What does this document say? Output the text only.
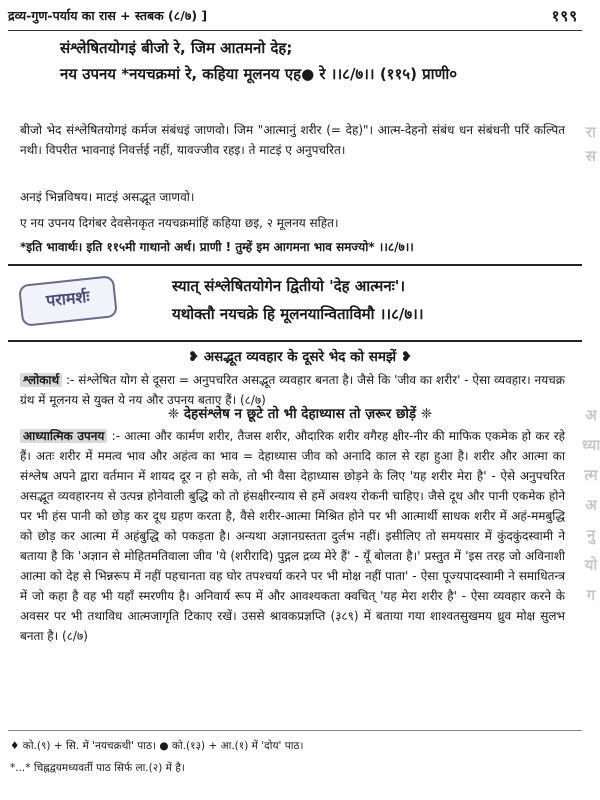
द्रव्य-गुण-पर्याय का रास + स्तबक (८/७) ]	१९९
संश्लेषितयोगइं बीजो रे, जिम आतमनो देह;
नय उपनय *नयचक्रमां रे, कहिया मूलनय एह● रे ।।८/७।। (११५) प्राणी०
बीजो भेद संश्लेषितयोगइं कर्मज संबंधइं जाणवो। जिम "आत्मानुं शरीर (= देह)"। आत्म-देहनो संबंध धन संबंधनी परिं कल्पित नथी। विपरीत भावनाइं निवर्त्तई नहीं, यावज्जीव रहइ। ते माटइं ए अनुपचरित।
अनइं भिन्नविषय। माटइं असद्भूत जाणवो।
ए नय उपनय दिगंबर देवसेनकृत नयचक्रमांहिं कहिया छइ, २ मूलनय सहित।
*इति भावार्थः। इति ११५मी गाथानो अर्थ। प्राणी ! तुम्हें इम आगमना भाव समज्यो* ।।८/७।।
परामर्शः
स्यात् संश्लेषितयोगेन द्वितीयो 'देह आत्मनः'।
यथोक्तौ नयचक्रे हि मूलनयान्विताविमौ ।।८/७।।
❥ असद्भूत व्यवहार के दूसरे भेद को समझें ❥
श्लोकार्थ :- संश्लेषित योग से दूसरा = अनुपचरित असद्भूत व्यवहार बनता है। जैसे कि 'जीव का शरीर' - ऐसा व्यवहार। नयचक्र ग्रंथ में मूलनय से युक्त ये नय और उपनय बताए हैं। (८/७)
❈ देहसंश्लेष न छूटे तो भी देहाध्यास तो ज़रूर छोड़ें ❈
आध्यात्मिक उपनय :- आत्मा और कार्मण शरीर, तैजस शरीर, औदारिक शरीर वगैरह क्षीर-नीर की माफिक एकमेक हो कर रहे हैं। अतः शरीर में ममत्व भाव और अहंत्व का भाव = देहाध्यास जीव को अनादि काल से रहा हुआ है। शरीर और आत्मा का संश्लेष अपने द्वारा वर्तमान में शायद दूर न हो सके, तो भी वैसा देहाध्यास छोड़ने के लिए 'यह शरीर मेरा है' - ऐसे अनुपचरित असद्भूत व्यवहारनय से उत्पन्न होनेवाली बुद्धि को तो हंसक्षीरन्याय से हमें अवश्य रोकनी चाहिए। जैसे दूध और पानी एकमेक होने पर भी हंस पानी को छोड़ कर दूध ग्रहण करता है, वैसे शरीर-आत्मा मिश्रित होने पर भी आत्मार्थी साधक शरीर में अहं-ममबुद्धि को छोड़ कर आत्मा में अहंबुद्धि को पकड़ता है। अन्यथा अज्ञानग्रस्तता दुर्लभ नहीं। इसीलिए तो समयसार में कुंदकुंदस्वामी ने बताया है कि 'अज्ञान से मोहितमतिवाला जीव 'ये (शरीरादि) पुद्गल द्रव्य मेरे हैं' - यूँ बोलता है।' प्रस्तुत में 'इस तरह जो अविनाशी आत्मा को देह से भिन्नरूप में नहीं पहचानता वह घोर तपश्चर्या करने पर भी मोक्ष नहीं पाता' - ऐसा पूज्यपादस्वामी ने समाधितन्त्र में जो कहा है वह भी यहाँ स्मरणीय है। अनिवार्य रूप में और आवश्यकता क्वचित् 'यह मेरा शरीर है' - ऐसा व्यवहार करने के अवसर पर भी तथाविध आत्मजागृति टिकाए रखें। उससे श्रावकप्रज्ञप्ति (३८९) में बताया गया शाश्वतसुखमय ध्रुव मोक्ष सुलभ बनता है। (८/७)
रा
स
अ
ध्या
त्म
अ
नु
यो
ग
♦ को.(९) + सि. में 'नयचक्रथी' पाठ। ● को.(१३) + आ.(१) में 'दोय' पाठ।
*...* चिह्नद्वयमध्यवर्ती पाठ सिर्फ ला.(२) में है।
